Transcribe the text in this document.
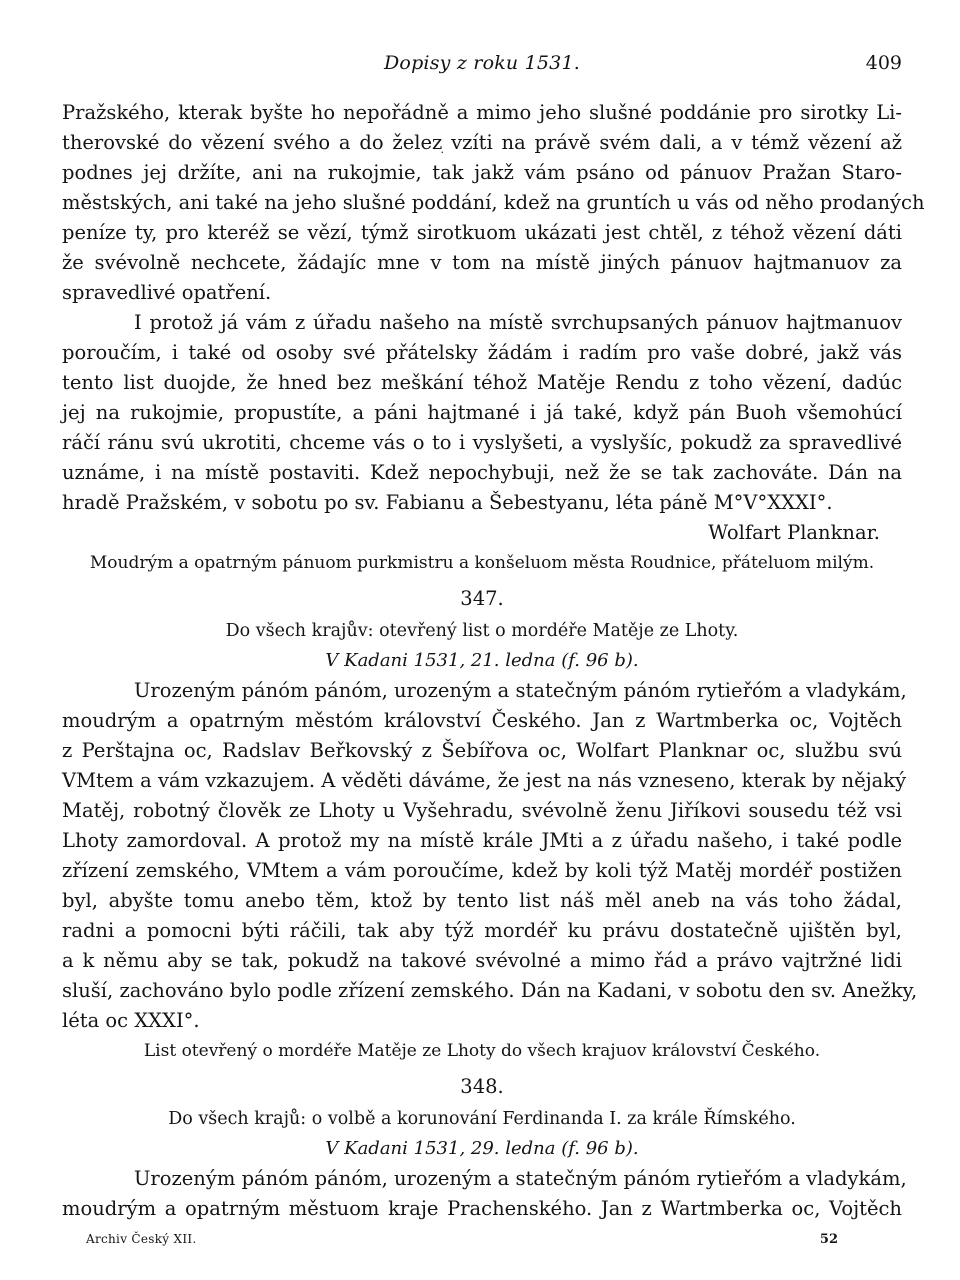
Dopisy z roku 1531.	409
Pražského, kterak byšte ho nepořádně a mimo jeho slušné poddánie pro sirotky Li-
therovské do vězení svého a do železׅ vzíti na právě svém dali, a v témž vězení až
podnes jej držíte, ani na rukojmie, tak jakž vám psáno od pánuov Pražan Staro-
městských, ani také na jeho slušné poddání, kdež na gruntích u vás od něho prodaných
peníze ty, pro kteréž se vězí, týmž sirotkuom ukázati jest chtěl, z téhož vězení dáti
že svévolně nechcete, žádajíc mne v tom na místě jiných pánuov hajtmanuov za
spravedlivé opatření.
I protož já vám z úřadu našeho na místě svrchupsaných pánuov hajtmanuov
poroučím, i také od osoby své přátelsky žádám i radím pro vaše dobré, jakž vás
tento list duojde, že hned bez meškání téhož Matěje Rendu z toho vězení, dadúc
jej na rukojmie, propustíte, a páni hajtmané i já také, když pán Buoh všemohúcí
ráčí ránu svú ukrotiti, chceme vás o to i vyslyšeti, a vyslyšíc, pokudž za spravedlivé
uznáme, i na místě postaviti. Kdež nepochybuji, než že se tak zachováte. Dán na
hradě Pražském, v sobotu po sv. Fabianu a Šebestyanu, léta páně M°V°XXXI°.
Wolfart Planknar.
Moudrým a opatrným pánuom purkmistru a konšeluom města Roudnice, přáteluom milým.
347.
Do všech krajův: otevřený list o mordéře Matěje ze Lhoty.
V Kadani 1531, 21. ledna (f. 96 b).
Urozeným pánóm pánóm, urozeným a statečným pánóm rytieřóm a vladykám,
moudrým a opatrným městóm království Českého. Jan z Wartmberka oc, Vojtěch
z Perštajna oc, Radslav Beřkovský z Šebířova oc, Wolfart Planknar oc, službu svú
VMtem a vám vzkazujem. A věděti dáváme, že jest na nás vzneseno, kterak by nějaký
Matěj, robotný člověk ze Lhoty u Vyšehradu, svévolně ženu Jiříkovi sousedu též vsi
Lhoty zamordoval. A protož my na místě krále JMti a z úřadu našeho, i také podle
zřízení zemského, VMtem a vám poroučíme, kdež by koli týž Matěj mordéř postižen
byl, abyšte tomu anebo těm, ktož by tento list náš měl aneb na vás toho žádal,
radni a pomocni býti ráčili, tak aby týž mordéř ku právu dostatečně ujištěn byl,
a k němu aby se tak, pokudž na takové svévolné a mimo řád a právo vajtržné lidi
sluší, zachováno bylo podle zřízení zemského. Dán na Kadani, v sobotu den sv. Anežky,
léta oc XXXI°.
List otevřený o mordéře Matěje ze Lhoty do všech krajuov království Českého.
348.
Do všech krajů: o volbě a korunování Ferdinanda I. za krále Římského.
V Kadani 1531, 29. ledna (f. 96 b).
Urozeným pánóm pánóm, urozeným a statečným pánóm rytieřóm a vladykám,
moudrým a opatrným městuom kraje Prachenského. Jan z Wartmberka oc, Vojtěch
Archiv Český XII.	52
